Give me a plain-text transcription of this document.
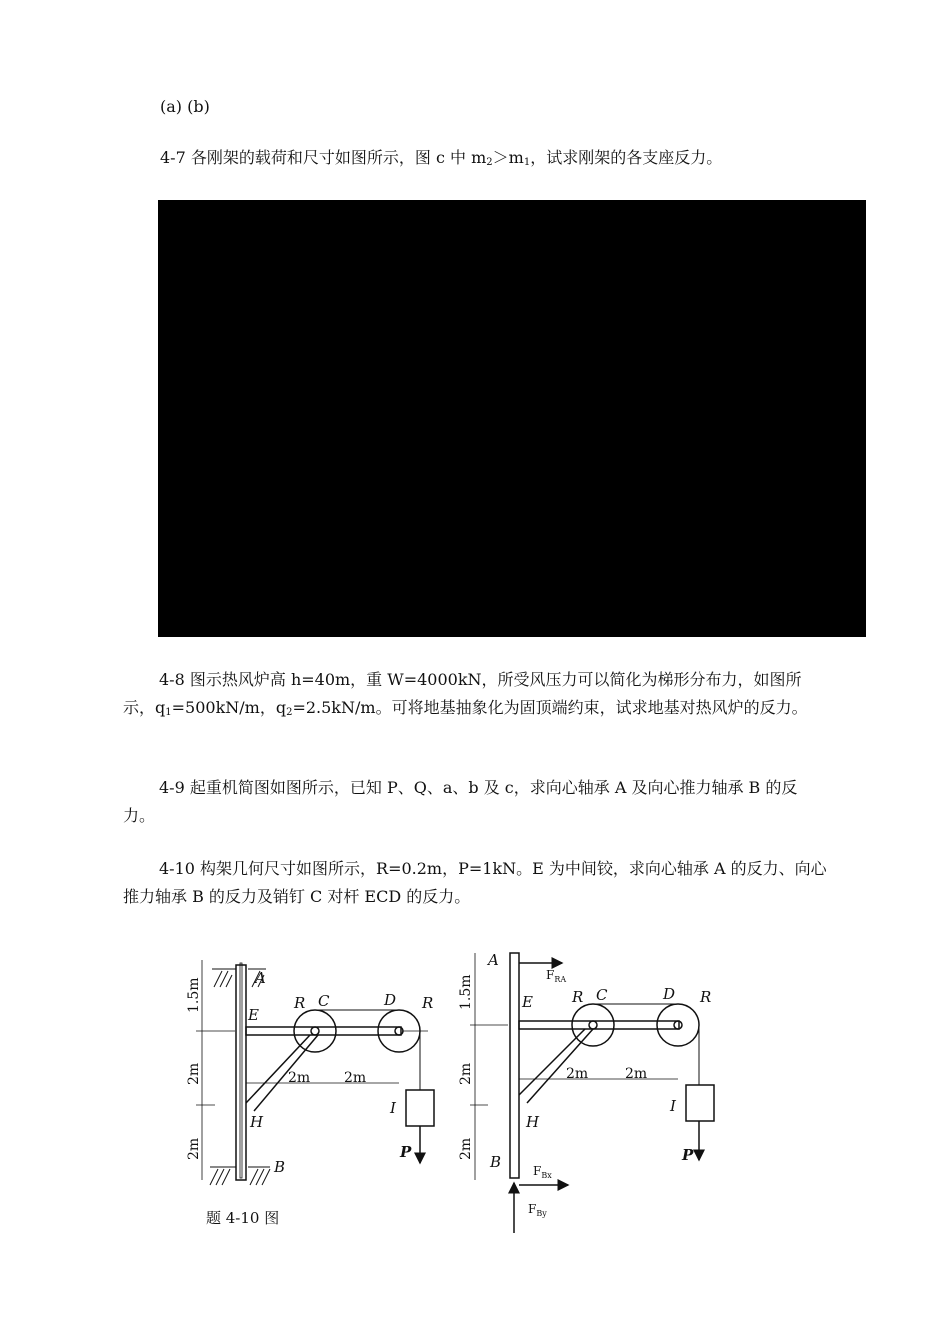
(a) (b)
4-7 各刚架的载荷和尺寸如图所示，图 c 中 $m_2>m_1$，试求刚架的各支座反力。
4-8 图示热风炉高 h=40m，重 W=4000kN，所受风压力可以简化为梯形分布力，如图所示，$q_1=500kN/m$，$q_2=2.5kN/m$。可将地基抽象化为固顶端约束，试求地基对热风炉的反力。
4-9 起重机简图如图所示，已知 P、Q、a、b 及 c，求向心轴承 A 及向心推力轴承 B 的反力。
4-10 构架几何尺寸如图所示，R=0.2m，P=1kN。E 为中间铰，求向心轴承 A 的反力、向心推力轴承 B 的反力及销钉 C 对杆 ECD 的反力。
A
E
R C	D R
H
I
P
B
2m 2m
1.5m
2m
2m
题 4-10 图
A
E	R C	D R
H
B
I
P
2m	2m
1.5m
2m
2m
$F_{RA}$
$F_{Bx}$
$F_{By}$
